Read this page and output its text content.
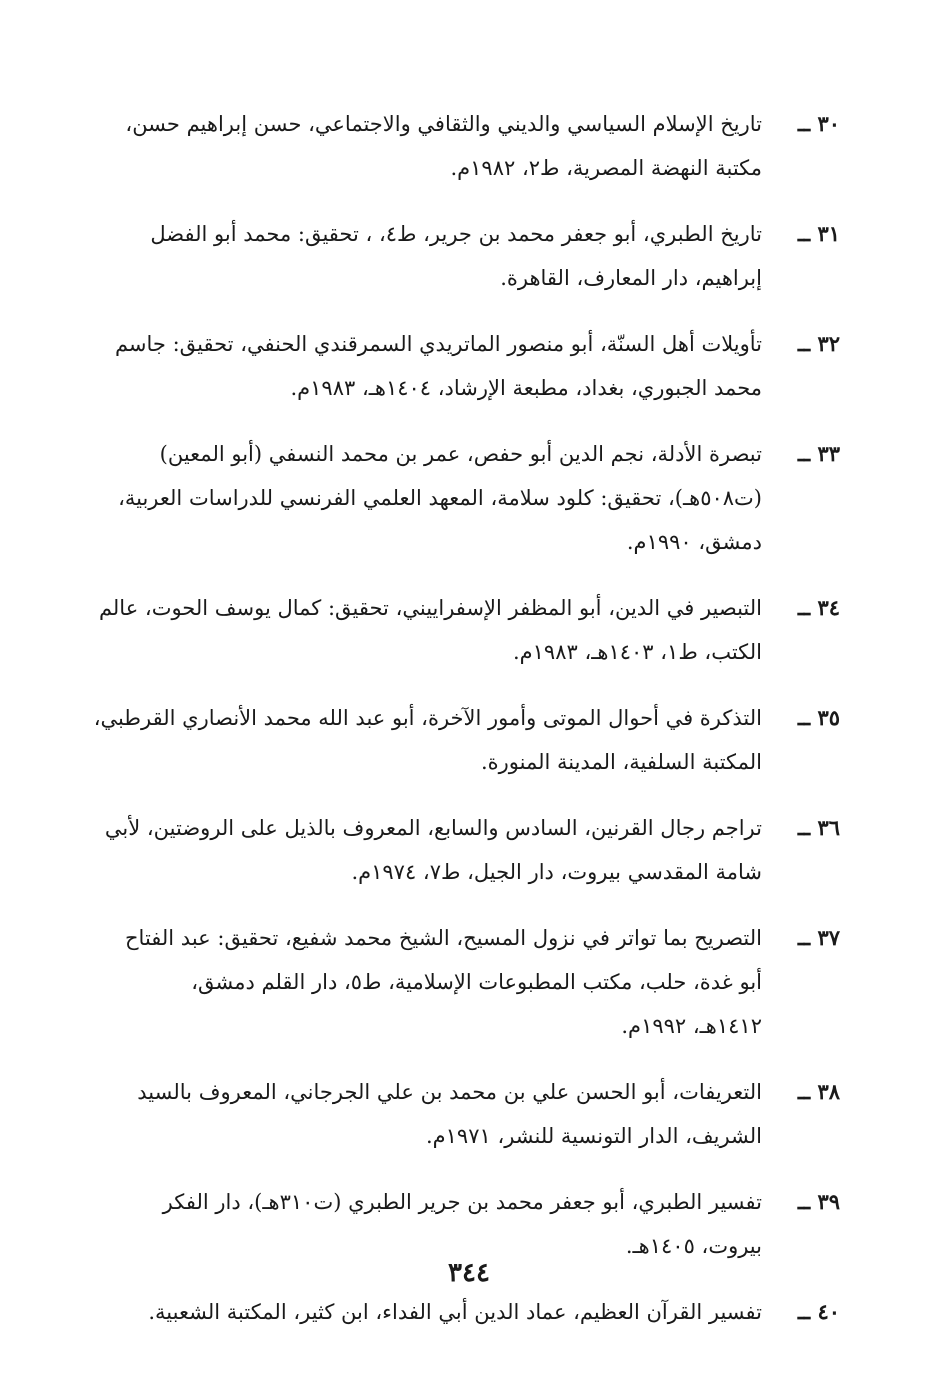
٣٠ ــ
تاريخ الإسلام السياسي والديني والثقافي والاجتماعي، حسن إبراهيم حسن،
مكتبة النهضة المصرية، ط٢، ١٩٨٢م.
٣١ ــ
تاريخ الطبري، أبو جعفر محمد بن جرير، ط٤، ، تحقيق: محمد أبو الفضل
إبراهيم، دار المعارف، القاهرة.
٣٢ ــ
تأويلات أهل السنّة، أبو منصور الماتريدي السمرقندي الحنفي، تحقيق: جاسم
محمد الجبوري، بغداد، مطبعة الإرشاد، ١٤٠٤هـ، ١٩٨٣م.
٣٣ ــ
تبصرة الأدلة، نجم الدين أبو حفص، عمر بن محمد النسفي (أبو المعين)
(ت٥٠٨هـ)، تحقيق: كلود سلامة، المعهد العلمي الفرنسي للدراسات العربية،
دمشق، ١٩٩٠م.
٣٤ ــ
التبصير في الدين، أبو المظفر الإسفراييني، تحقيق: كمال يوسف الحوت، عالم
الكتب، ط١، ١٤٠٣هـ، ١٩٨٣م.
٣٥ ــ
التذكرة في أحوال الموتى وأمور الآخرة، أبو عبد الله محمد الأنصاري القرطبي،
المكتبة السلفية، المدينة المنورة.
٣٦ ــ
تراجم رجال القرنين، السادس والسابع، المعروف بالذيل على الروضتين، لأبي
شامة المقدسي بيروت، دار الجيل، ط٧، ١٩٧٤م.
٣٧ ــ
التصريح بما تواتر في نزول المسيح، الشيخ محمد شفيع، تحقيق: عبد الفتاح
أبو غدة، حلب، مكتب المطبوعات الإسلامية، ط٥، دار القلم دمشق،
١٤١٢هـ، ١٩٩٢م.
٣٨ ــ
التعريفات، أبو الحسن علي بن محمد بن علي الجرجاني، المعروف بالسيد
الشريف، الدار التونسية للنشر، ١٩٧١م.
٣٩ ــ
تفسير الطبري، أبو جعفر محمد بن جرير الطبري (ت٣١٠هـ)، دار الفكر
بيروت، ١٤٠٥هـ.
٤٠ ــ
تفسير القرآن العظيم، عماد الدين أبي الفداء، ابن كثير، المكتبة الشعبية.
٣٤٤
